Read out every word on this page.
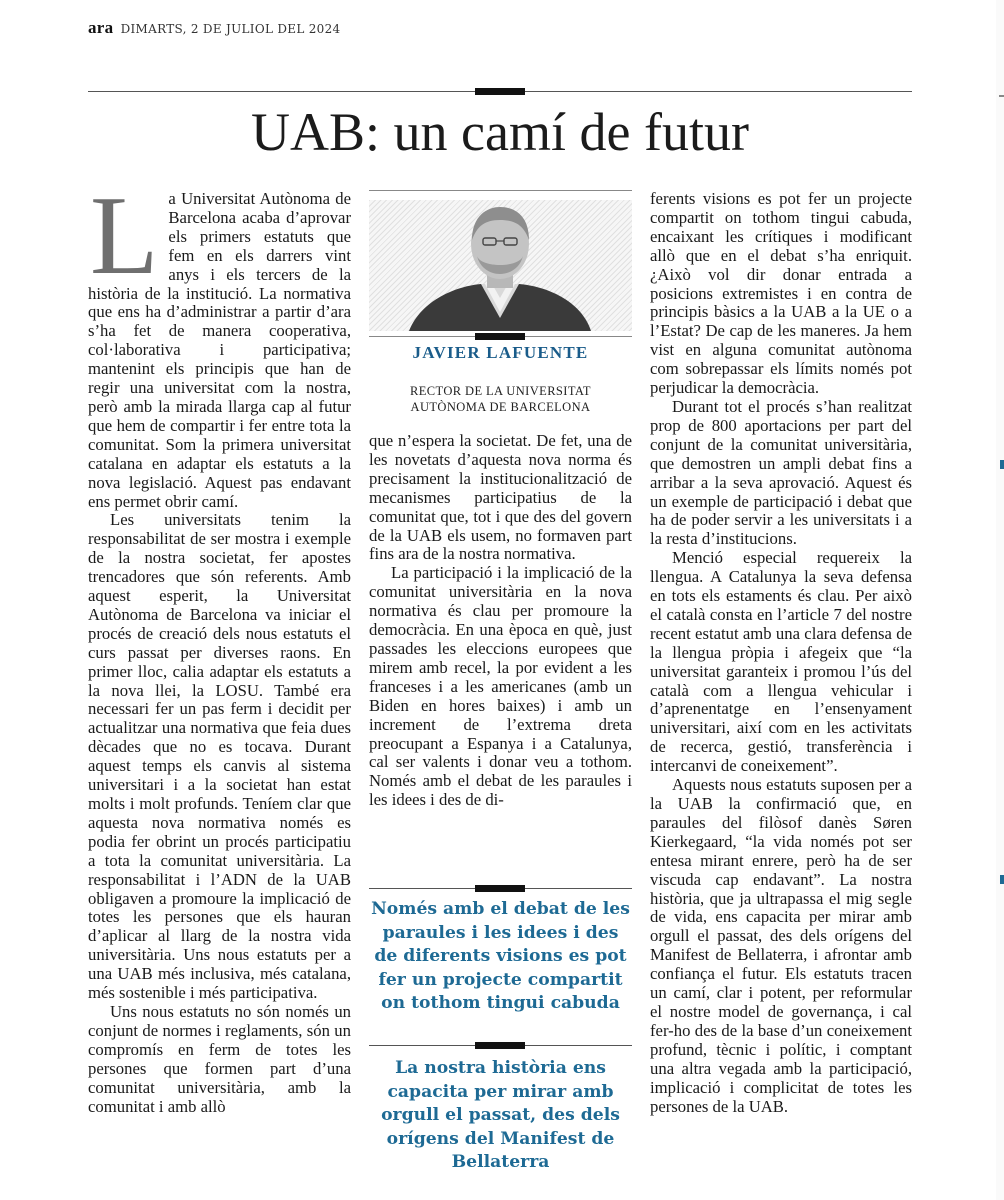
ara DIMARTS, 2 DE JULIOL DEL 2024
UAB: un camí de futur
L a Universitat Autònoma de Barcelona acaba d’aprovar els primers estatuts que fem en els darrers vint anys i els tercers de la història de la institució. La normativa que ens ha d’administrar a partir d’ara s’ha fet de manera cooperativa, col·laborativa i participativa; mantenint els principis que han de regir una universitat com la nostra, però amb la mirada llarga cap al futur que hem de compartir i fer entre tota la comunitat. Som la primera universitat catalana en adaptar els estatuts a la nova legislació. Aquest pas endavant ens permet obrir camí.

Les universitats tenim la responsabilitat de ser mostra i exemple de la nostra societat, fer apostes trencadores que són referents. Amb aquest esperit, la Universitat Autònoma de Barcelona va iniciar el procés de creació dels nous estatuts el curs passat per diverses raons. En primer lloc, calia adaptar els estatuts a la nova llei, la LOSU. També era necessari fer un pas ferm i decidit per actualitzar una normativa que feia dues dècades que no es tocava. Durant aquest temps els canvis al sistema universitari i a la societat han estat molts i molt profunds. Teníem clar que aquesta nova normativa només es podia fer obrint un procés participatiu a tota la comunitat universitària. La responsabilitat i l’ADN de la UAB obligaven a promoure la implicació de totes les persones que els hauran d’aplicar al llarg de la nostra vida universitària. Uns nous estatuts per a una UAB més inclusiva, més catalana, més sostenible i més participativa.

Uns nous estatuts no són només un conjunt de normes i reglaments, són un compromís en ferm de totes les persones que formen part d’una comunitat universitària, amb la comunitat i amb allò

JAVIER LAFUENTE
RECTOR DE LA UNIVERSITAT
AUTÒNOMA DE BARCELONA

que n’espera la societat. De fet, una de les novetats d’aquesta nova norma és precisament la institucionalització de mecanismes participatius de la comunitat que, tot i que des del govern de la UAB els usem, no formaven part fins ara de la nostra normativa.

La participació i la implicació de la comunitat universitària en la nova normativa és clau per promoure la democràcia. En una època en què, just passades les eleccions europees que mirem amb recel, la por evident a les franceses i a les americanes (amb un Biden en hores baixes) i amb un increment de l’extrema dreta preocupant a Espanya i a Catalunya, cal ser valents i donar veu a tothom. Només amb el debat de les paraules i les idees i des de di-

Només amb el debat de les paraules i les idees i des de diferents visions es pot fer un projecte compartit on tothom tingui cabuda
La nostra història ens capacita per mirar amb orgull el passat, des dels orígens del Manifest de Bellaterra

ferents visions es pot fer un projecte compartit on tothom tingui cabuda, encaixant les crítiques i modificant allò que en el debat s’ha enriquit. ¿Això vol dir donar entrada a posicions extremistes i en contra de principis bàsics a la UAB a la UE o a l’Estat? De cap de les maneres. Ja hem vist en alguna comunitat autònoma com sobrepassar els límits només pot perjudicar la democràcia.

Durant tot el procés s’han realitzat prop de 800 aportacions per part del conjunt de la comunitat universitària, que demostren un ampli debat fins a arribar a la seva aprovació. Aquest és un exemple de participació i debat que ha de poder servir a les universitats i a la resta d’institucions.

Menció especial requereix la llengua. A Catalunya la seva defensa en tots els estaments és clau. Per això el català consta en l’article 7 del nostre recent estatut amb una clara defensa de la llengua pròpia i afegeix que “la universitat garanteix i promou l’ús del català com a llengua vehicular i d’aprenentatge en l’ensenyament universitari, així com en les activitats de recerca, gestió, transferència i intercanvi de coneixement”.

Aquests nous estatuts suposen per a la UAB la confirmació que, en paraules del filòsof danès Søren Kierkegaard, “la vida només pot ser entesa mirant enrere, però ha de ser viscuda cap endavant”. La nostra història, que ja ultrapassa el mig segle de vida, ens capacita per mirar amb orgull el passat, des dels orígens del Manifest de Bellaterra, i afrontar amb confiança el futur. Els estatuts tracen un camí, clar i potent, per reformular el nostre model de governança, i cal fer-ho des de la base d’un coneixement profund, tècnic i polític, i comptant una altra vegada amb la participació, implicació i complicitat de totes les persones de la UAB.
